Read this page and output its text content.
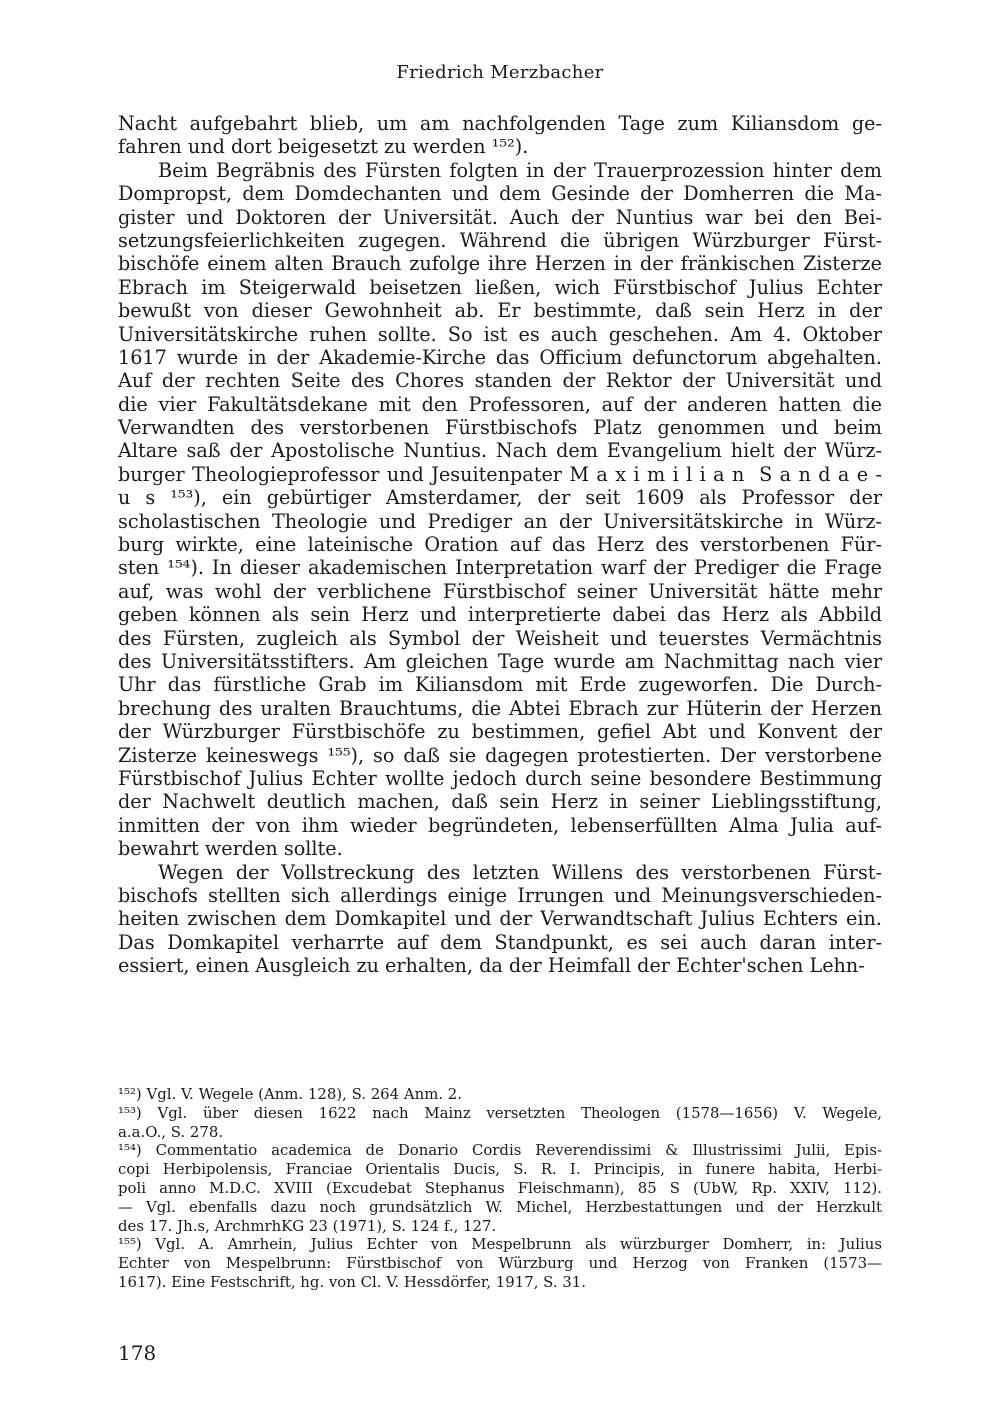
Friedrich Merzbacher
Nacht aufgebahrt blieb, um am nachfolgenden Tage zum Kiliansdom ge-
fahren und dort beigesetzt zu werden ¹⁵²).
Beim Begräbnis des Fürsten folgten in der Trauerprozession hinter dem
Dompropst, dem Domdechanten und dem Gesinde der Domherren die Ma-
gister und Doktoren der Universität. Auch der Nuntius war bei den Bei-
setzungsfeierlichkeiten zugegen. Während die übrigen Würzburger Fürst-
bischöfe einem alten Brauch zufolge ihre Herzen in der fränkischen Zisterze
Ebrach im Steigerwald beisetzen ließen, wich Fürstbischof Julius Echter
bewußt von dieser Gewohnheit ab. Er bestimmte, daß sein Herz in der
Universitätskirche ruhen sollte. So ist es auch geschehen. Am 4. Oktober
1617 wurde in der Akademie-Kirche das Officium defunctorum abgehalten.
Auf der rechten Seite des Chores standen der Rektor der Universität und
die vier Fakultätsdekane mit den Professoren, auf der anderen hatten die
Verwandten des verstorbenen Fürstbischofs Platz genommen und beim
Altare saß der Apostolische Nuntius. Nach dem Evangelium hielt der Würz-
burger Theologieprofessor und Jesuitenpater M a x i m i l i a n  S a n d a e -
u s ¹⁵³), ein gebürtiger Amsterdamer, der seit 1609 als Professor der
scholastischen Theologie und Prediger an der Universitätskirche in Würz-
burg wirkte, eine lateinische Oration auf das Herz des verstorbenen Für-
sten ¹⁵⁴). In dieser akademischen Interpretation warf der Prediger die Frage
auf, was wohl der verblichene Fürstbischof seiner Universität hätte mehr
geben können als sein Herz und interpretierte dabei das Herz als Abbild
des Fürsten, zugleich als Symbol der Weisheit und teuerstes Vermächtnis
des Universitätsstifters. Am gleichen Tage wurde am Nachmittag nach vier
Uhr das fürstliche Grab im Kiliansdom mit Erde zugeworfen. Die Durch-
brechung des uralten Brauchtums, die Abtei Ebrach zur Hüterin der Herzen
der Würzburger Fürstbischöfe zu bestimmen, gefiel Abt und Konvent der
Zisterze keineswegs ¹⁵⁵), so daß sie dagegen protestierten. Der verstorbene
Fürstbischof Julius Echter wollte jedoch durch seine besondere Bestimmung
der Nachwelt deutlich machen, daß sein Herz in seiner Lieblingsstiftung,
inmitten der von ihm wieder begründeten, lebenserfüllten Alma Julia auf-
bewahrt werden sollte.
Wegen der Vollstreckung des letzten Willens des verstorbenen Fürst-
bischofs stellten sich allerdings einige Irrungen und Meinungsverschieden-
heiten zwischen dem Domkapitel und der Verwandtschaft Julius Echters ein.
Das Domkapitel verharrte auf dem Standpunkt, es sei auch daran inter-
essiert, einen Ausgleich zu erhalten, da der Heimfall der Echter'schen Lehn-
¹⁵²) Vgl. V. Wegele (Anm. 128), S. 264 Anm. 2.
¹⁵³) Vgl. über diesen 1622 nach Mainz versetzten Theologen (1578—1656) V. Wegele,
a.a.O., S. 278.
¹⁵⁴) Commentatio academica de Donario Cordis Reverendissimi & Illustrissimi Julii, Epis-
copi Herbipolensis, Franciae Orientalis Ducis, S. R. I. Principis, in funere habita, Herbi-
poli anno M.D.C. XVIII (Excudebat Stephanus Fleischmann), 85 S (UbW, Rp. XXIV, 112).
— Vgl. ebenfalls dazu noch grundsätzlich W. Michel, Herzbestattungen und der Herzkult
des 17. Jh.s, ArchmrhKG 23 (1971), S. 124 f., 127.
¹⁵⁵) Vgl. A. Amrhein, Julius Echter von Mespelbrunn als würzburger Domherr, in: Julius
Echter von Mespelbrunn: Fürstbischof von Würzburg und Herzog von Franken (1573—
1617). Eine Festschrift, hg. von Cl. V. Hessdörfer, 1917, S. 31.
178
